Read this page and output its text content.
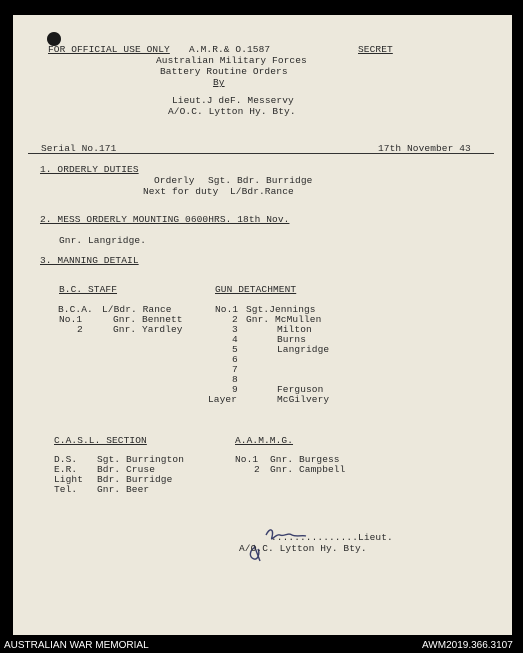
FOR OFFICIAL USE ONLY A.M.R.& O.1587	SECRET
Australian Military Forces
Battery Routine Orders
By
Lieut.J deF. Messervy
A/O.C. Lytton Hy. Bty.
Serial No.171	17th November 43
1. ORDERLY DUTIES
Orderly Sgt. Bdr. Burridge
Next for duty L/Bdr.Rance
2. MESS ORDERLY MOUNTING 0600HRS. 18th Nov.
Gnr. Langridge.
3. MANNING DETAIL
B.C. STAFF
B.C.A. L/Bdr. Rance
No.1	Gnr. Bennett
2	Gnr. Yardley
GUN DETACHMENT
No.1 Sgt.Jennings
2 Gnr. McMullen
3	Milton
4	Burns
5	Langridge
6
7
8
9	Ferguson
Layer	McGilvery
C.A.S.L. SECTION
D.S. Sgt. Burrington
E.R. Bdr. Cruse
Light Bdr. Burridge
Tel. Gnr. Beer
A.A.M.M.G.
No.1 Gnr. Burgess
2 Gnr. Campbell
...............Lieut.
A/O.C. Lytton Hy. Bty.
AUSTRALIAN WAR MEMORIAL	AWM2019.366.3107
